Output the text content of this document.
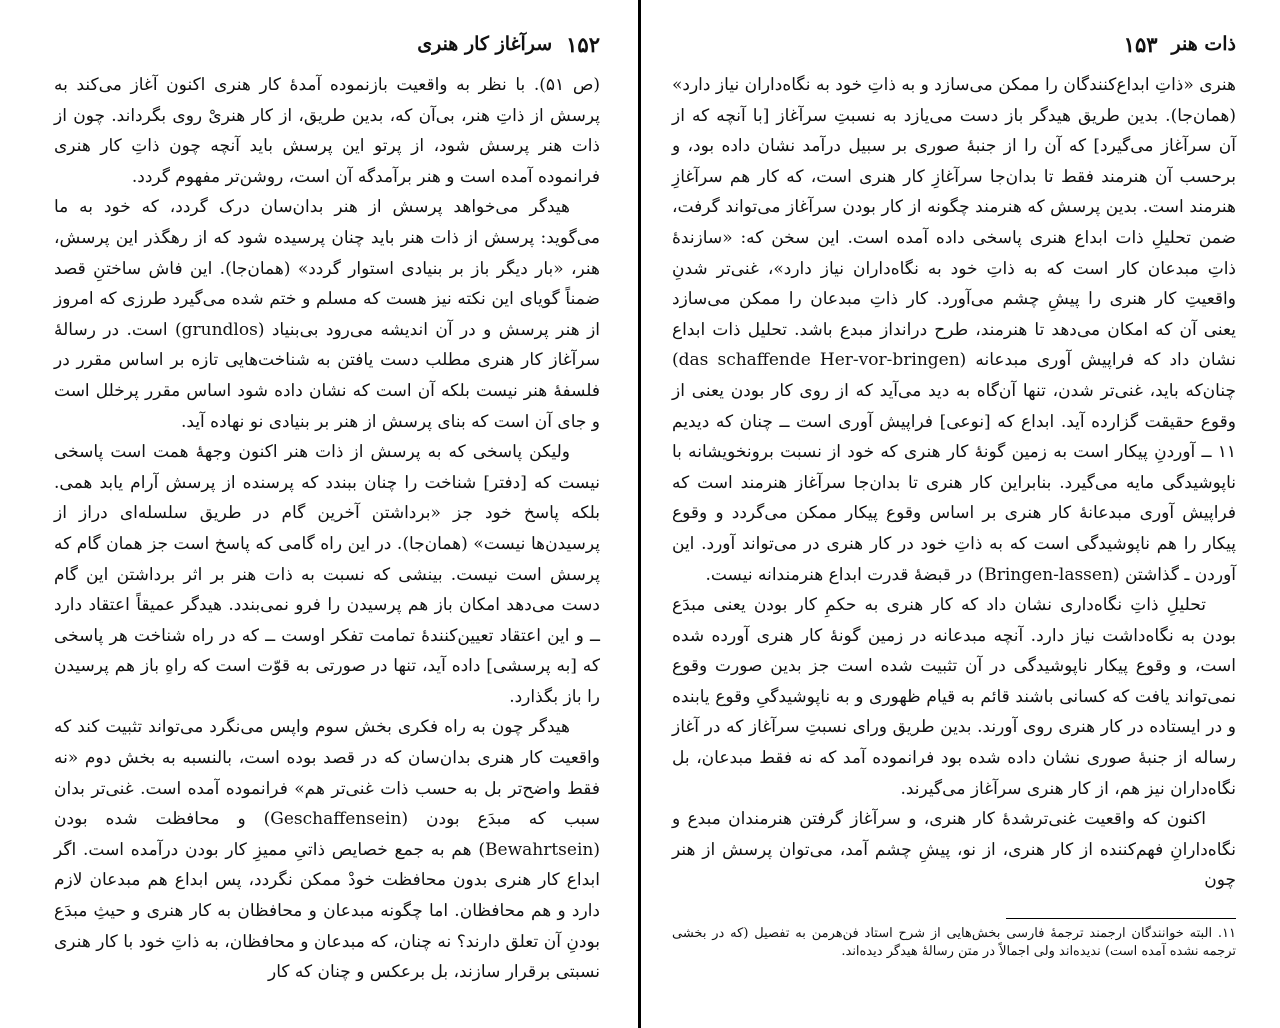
۱۵۲
سرآغاز کار هنری

(ص ۵۱). با نظر به واقعیت بازنموده آمدهٔ کار هنری اکنون آغاز می‌کند به پرسش از ذاتِ هنر، بی‌آن که، بدین طریق، از کار هنریْ روی بگرداند. چون از ذات هنر پرسش شود، از پرتو این پرسش باید آنچه چون ذاتِ کار هنری فرانموده آمده است و هنر برآمدگه آن است، روشن‌تر مفهوم گردد.

هیدگر می‌خواهد پرسش از هنر بدان‌سان درک گردد، که خود به ما می‌گوید: پرسش از ذات هنر باید چنان پرسیده شود که از رهگذر این پرسش، هنر، «بار دیگر باز بر بنیادی استوار گردد» (همان‌جا). این فاش ساختنِ قصد ضمناً گویای این نکته نیز هست که مسلم و ختم شده می‌گیرد طرزی که امروز از هنر پرسش و در آن اندیشه می‌رود بی‌بنیاد (grundlos) است. در رسالهٔ سرآغاز کار هنری مطلب دست یافتن به شناخت‌هایی تازه بر اساس مقرر در فلسفهٔ هنر نیست بلکه آن است که نشان داده شود اساس مقرر پرخلل است و جای آن است که بنای پرسش از هنر بر بنیادی نو نهاده آید.

ولیکن پاسخی که به پرسش از ذات هنر اکنون وجههٔ همت است پاسخی نیست که [دفتر] شناخت را چنان ببندد که پرسنده از پرسش آرام یابد همی. بلکه پاسخ خود جز «برداشتن آخرین گام در طریق سلسله‌ای دراز از پرسیدن‌ها نیست» (همان‌جا). در این راه گامی که پاسخ است جز همان گام که پرسش است نیست. بینشی که نسبت به ذات هنر بر اثر برداشتن این گام دست می‌دهد امکان باز هم پرسیدن را فرو نمی‌بندد. هیدگر عمیقاً اعتقاد دارد ــ و این اعتقاد تعیین‌کنندهٔ تمامت تفکر اوست ــ که در راه شناخت هر پاسخی که [به پرسشی] داده آید، تنها در صورتی به قوّت است که راهِ باز هم پرسیدن را باز بگذارد.

هیدگر چون به راه فکری بخش سوم واپس می‌نگرد می‌تواند تثبیت کند که واقعیت کار هنری بدان‌سان که در قصد بوده است، بالنسبه به بخش دوم «نه فقط واضح‌تر بل به حسب ذات غنی‌تر هم» فرانموده آمده است. غنی‌تر بدان سبب که مبدَع بودن (Geschaffensein) و محافظت شده بودن (Bewahrtsein) هم به جمع خصایص ذاتیِ ممیزِ کار بودن درآمده است. اگر ابداع کار هنری بدون محافظت خودْ ممکن نگردد، پس ابداع هم مبدعان لازم دارد و هم محافظان. اما چگونه مبدعان و محافظان به کار هنری و حیثِ مبدَع بودنِ آن تعلق دارند؟ نه چنان، که مبدعان و محافظان، به ذاتِ خود با کار هنری نسبتی برقرار سازند، بل برعکس و چنان که کار

ذات هنر
۱۵۳

هنری «ذاتِ ابداع‌کنندگان را ممکن می‌سازد و به ذاتِ خود به نگاه‌داران نیاز دارد» (همان‌جا). بدین طریق هیدگر باز دست می‌یازد به نسبتِ سرآغاز [با آنچه که از آن سرآغاز می‌گیرد] که آن را از جنبهٔ صوری بر سبیل درآمد نشان داده بود، و برحسب آن هنرمند فقط تا بدان‌جا سرآغازِ کار هنری است، که کار هم سرآغازِ هنرمند است. بدین پرسش که هنرمند چگونه از کار بودن سرآغاز می‌تواند گرفت، ضمن تحلیلِ ذات ابداع هنری پاسخی داده آمده است. این سخن که: «سازندهٔ ذاتِ مبدعان کار است که به ذاتِ خود به نگاه‌داران نیاز دارد»، غنی‌تر شدنِ واقعیتِ کار هنری را پیشِ چشم می‌آورد. کار ذاتِ مبدعان را ممکن می‌سازد یعنی آن که امکان می‌دهد تا هنرمند، طرح درانداز مبدع باشد. تحلیل ذات ابداع نشان داد که فراپیش آوری مبدعانه (das schaffende Her-vor-bringen) چنان‌که باید، غنی‌تر شدن، تنها آن‌گاه به دید می‌آید که از روی کار بودن یعنی از وقوع حقیقت گزارده آید. ابداع که [نوعی] فراپیش آوری است ــ چنان که دیدیم ۱۱ ــ آوردنِ پیکار است به زمین گونهٔ کار هنری که خود از نسبت برونخویشانه با ناپوشیدگی مایه می‌گیرد. بنابراین کار هنری تا بدان‌جا سرآغاز هنرمند است که فراپیش آوری مبدعانهٔ کار هنری بر اساس وقوع پیکار ممکن می‌گردد و وقوع پیکار را هم ناپوشیدگی است که به ذاتِ خود در کار هنری در می‌تواند آورد. این آوردن ـ گذاشتن (Bringen-lassen) در قبضهٔ قدرت ابداع هنرمندانه نیست.

تحلیلِ ذاتِ نگاه‌داری نشان داد که کار هنری به حکمِ کار بودن یعنی مبدَع بودن به نگاه‌داشت نیاز دارد. آنچه مبدعانه در زمین گونهٔ کار هنری آورده شده است، و وقوع پیکار ناپوشیدگی در آن تثبیت شده است جز بدین صورت وقوع نمی‌تواند یافت که کسانی باشند قائم به قیام ظهوری و به ناپوشیدگیِ وقوع یابنده و در ایستاده در کار هنری روی آورند. بدین طریق ورای نسبتِ سرآغاز که در آغاز رساله از جنبهٔ صوری نشان داده شده بود فرانموده آمد که نه فقط مبدعان، بل نگاه‌داران نیز هم، از کار هنری سرآغاز می‌گیرند.

اکنون که واقعیت غنی‌ترشدهٔ کار هنری، و سرآغاز گرفتن هنرمندان مبدع و نگاه‌دارانِ فهم‌کننده از کار هنری، از نو، پیشِ چشم آمد، می‌توان پرسش از هنر چون

۱۱. البته خوانندگان ارجمند ترجمهٔ فارسی بخش‌هایی از شرح استاد فن‌هرمن به تفصیل (که در بخشی ترجمه نشده آمده است) ندیده‌اند ولی اجمالاً در متن رسالهٔ هیدگر دیده‌اند.
